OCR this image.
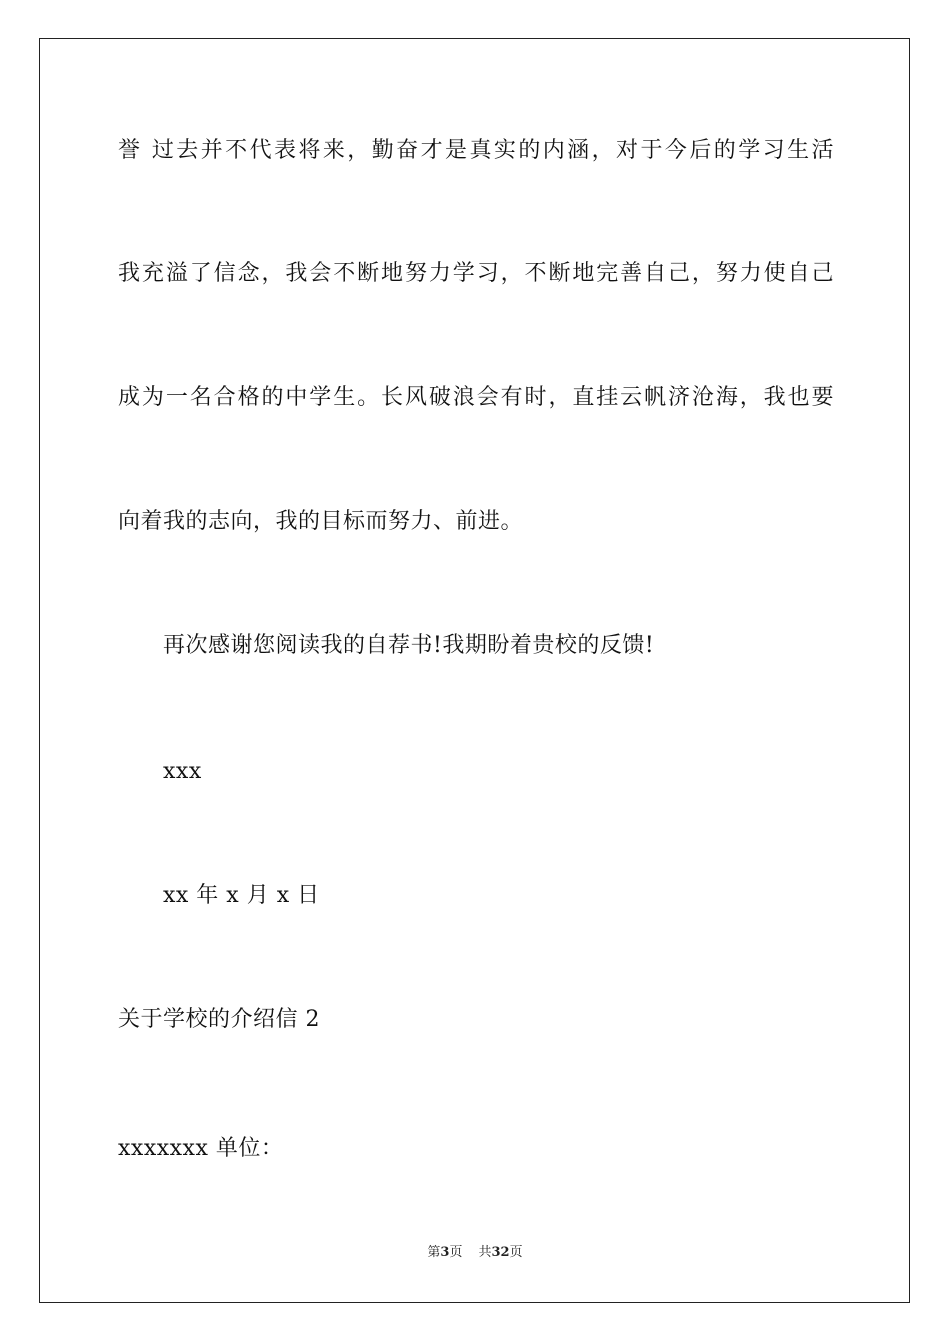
誉 过去并不代表将来，勤奋才是真实的内涵，对于今后的学习生活
我充溢了信念，我会不断地努力学习，不断地完善自己，努力使自己
成为一名合格的中学生。长风破浪会有时，直挂云帆济沧海，我也要
向着我的志向，我的目标而努力、前进。
再次感谢您阅读我的自荐书!我期盼着贵校的反馈!
xxx
xx 年 x 月 x 日
关于学校的介绍信 2
xxxxxxx 单位：
第3页 共32页
